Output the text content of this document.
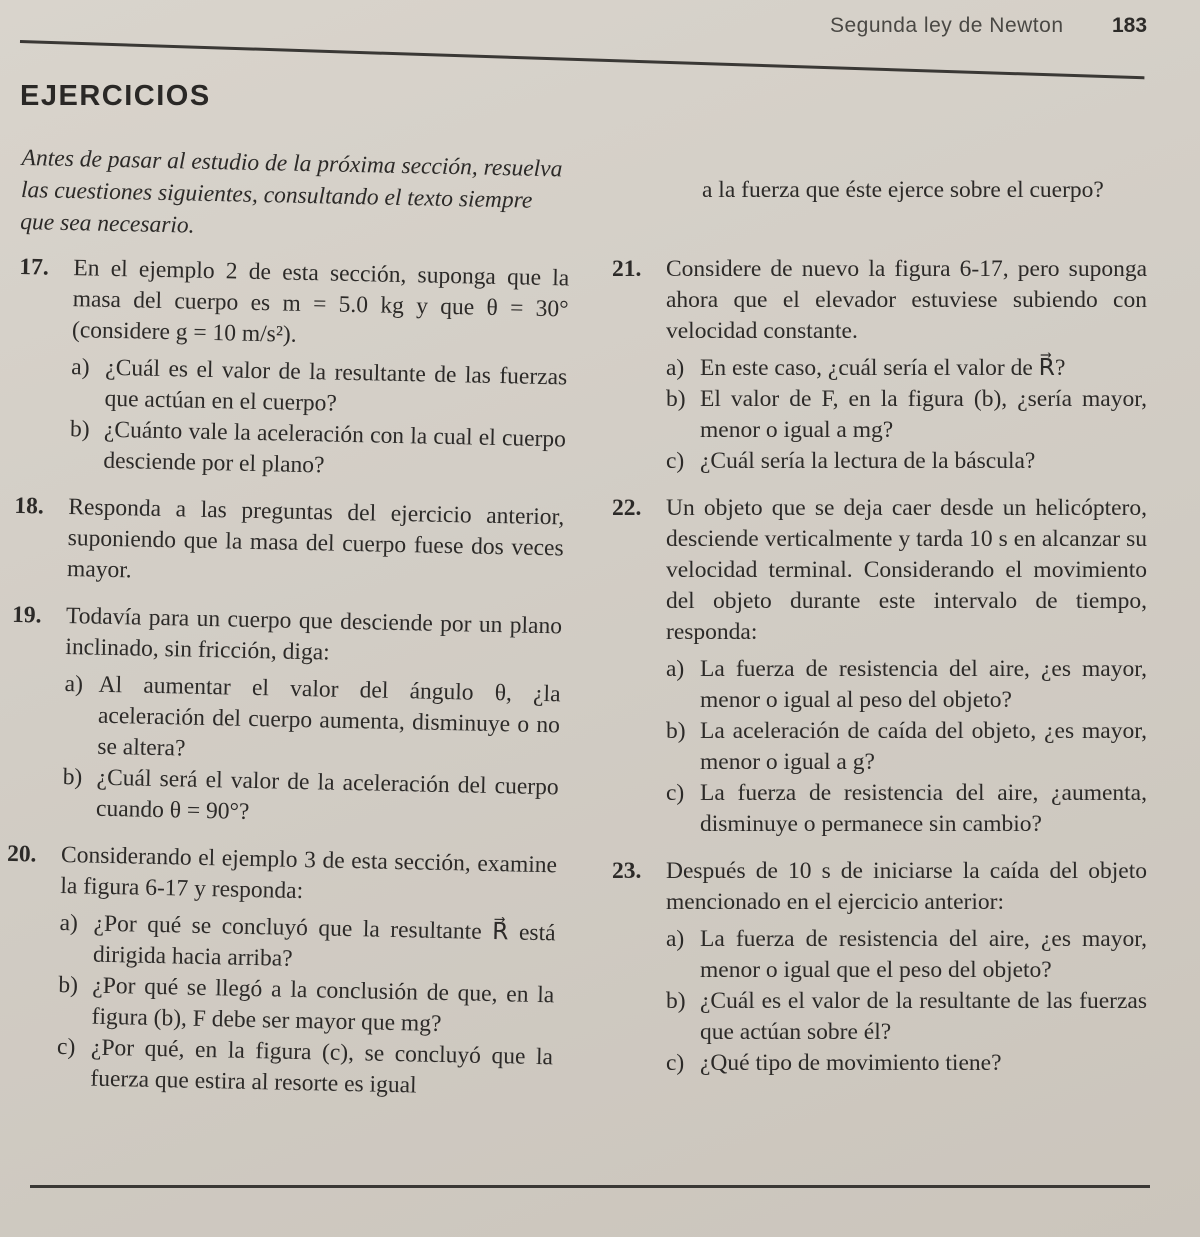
Segunda ley de Newton 183
EJERCICIOS

Antes de pasar al estudio de la próxima sección, resuelva las cuestiones siguientes, consultando el texto siempre que sea necesario.

17.	En el ejemplo 2 de esta sección, suponga que la masa del cuerpo es m = 5.0 kg y que θ = 30° (considere g = 10 m/s²).
a) ¿Cuál es el valor de la resultante de las fuerzas que actúan en el cuerpo?
b) ¿Cuánto vale la aceleración con la cual el cuerpo desciende por el plano?
18.	Responda a las preguntas del ejercicio anterior, suponiendo que la masa del cuerpo fuese dos veces mayor.
19.	Todavía para un cuerpo que desciende por un plano inclinado, sin fricción, diga:
a) Al aumentar el valor del ángulo θ, ¿la aceleración del cuerpo aumenta, disminuye o no se altera?
b) ¿Cuál será el valor de la aceleración del cuerpo cuando θ = 90°?
20.	Considerando el ejemplo 3 de esta sección, examine la figura 6-17 y responda:
a) ¿Por qué se concluyó que la resultante R⃗ está dirigida hacia arriba?
b) ¿Por qué se llegó a la conclusión de que, en la figura (b), F debe ser mayor que mg?
c) ¿Por qué, en la figura (c), se concluyó que la fuerza que estira al resorte es igual
a la fuerza que éste ejerce sobre el cuerpo?
21.	Considere de nuevo la figura 6-17, pero suponga ahora que el elevador estuviese subiendo con velocidad constante.
a) En este caso, ¿cuál sería el valor de R⃗?
b) El valor de F, en la figura (b), ¿sería mayor, menor o igual a mg?
c) ¿Cuál sería la lectura de la báscula?
22.	Un objeto que se deja caer desde un helicóptero, desciende verticalmente y tarda 10 s en alcanzar su velocidad terminal. Considerando el movimiento del objeto durante este intervalo de tiempo, responda:
a) La fuerza de resistencia del aire, ¿es mayor, menor o igual al peso del objeto?
b) La aceleración de caída del objeto, ¿es mayor, menor o igual a g?
c) La fuerza de resistencia del aire, ¿aumenta, disminuye o permanece sin cambio?
23.	Después de 10 s de iniciarse la caída del objeto mencionado en el ejercicio anterior:
a) La fuerza de resistencia del aire, ¿es mayor, menor o igual que el peso del objeto?
b) ¿Cuál es el valor de la resultante de las fuerzas que actúan sobre él?
c) ¿Qué tipo de movimiento tiene?
